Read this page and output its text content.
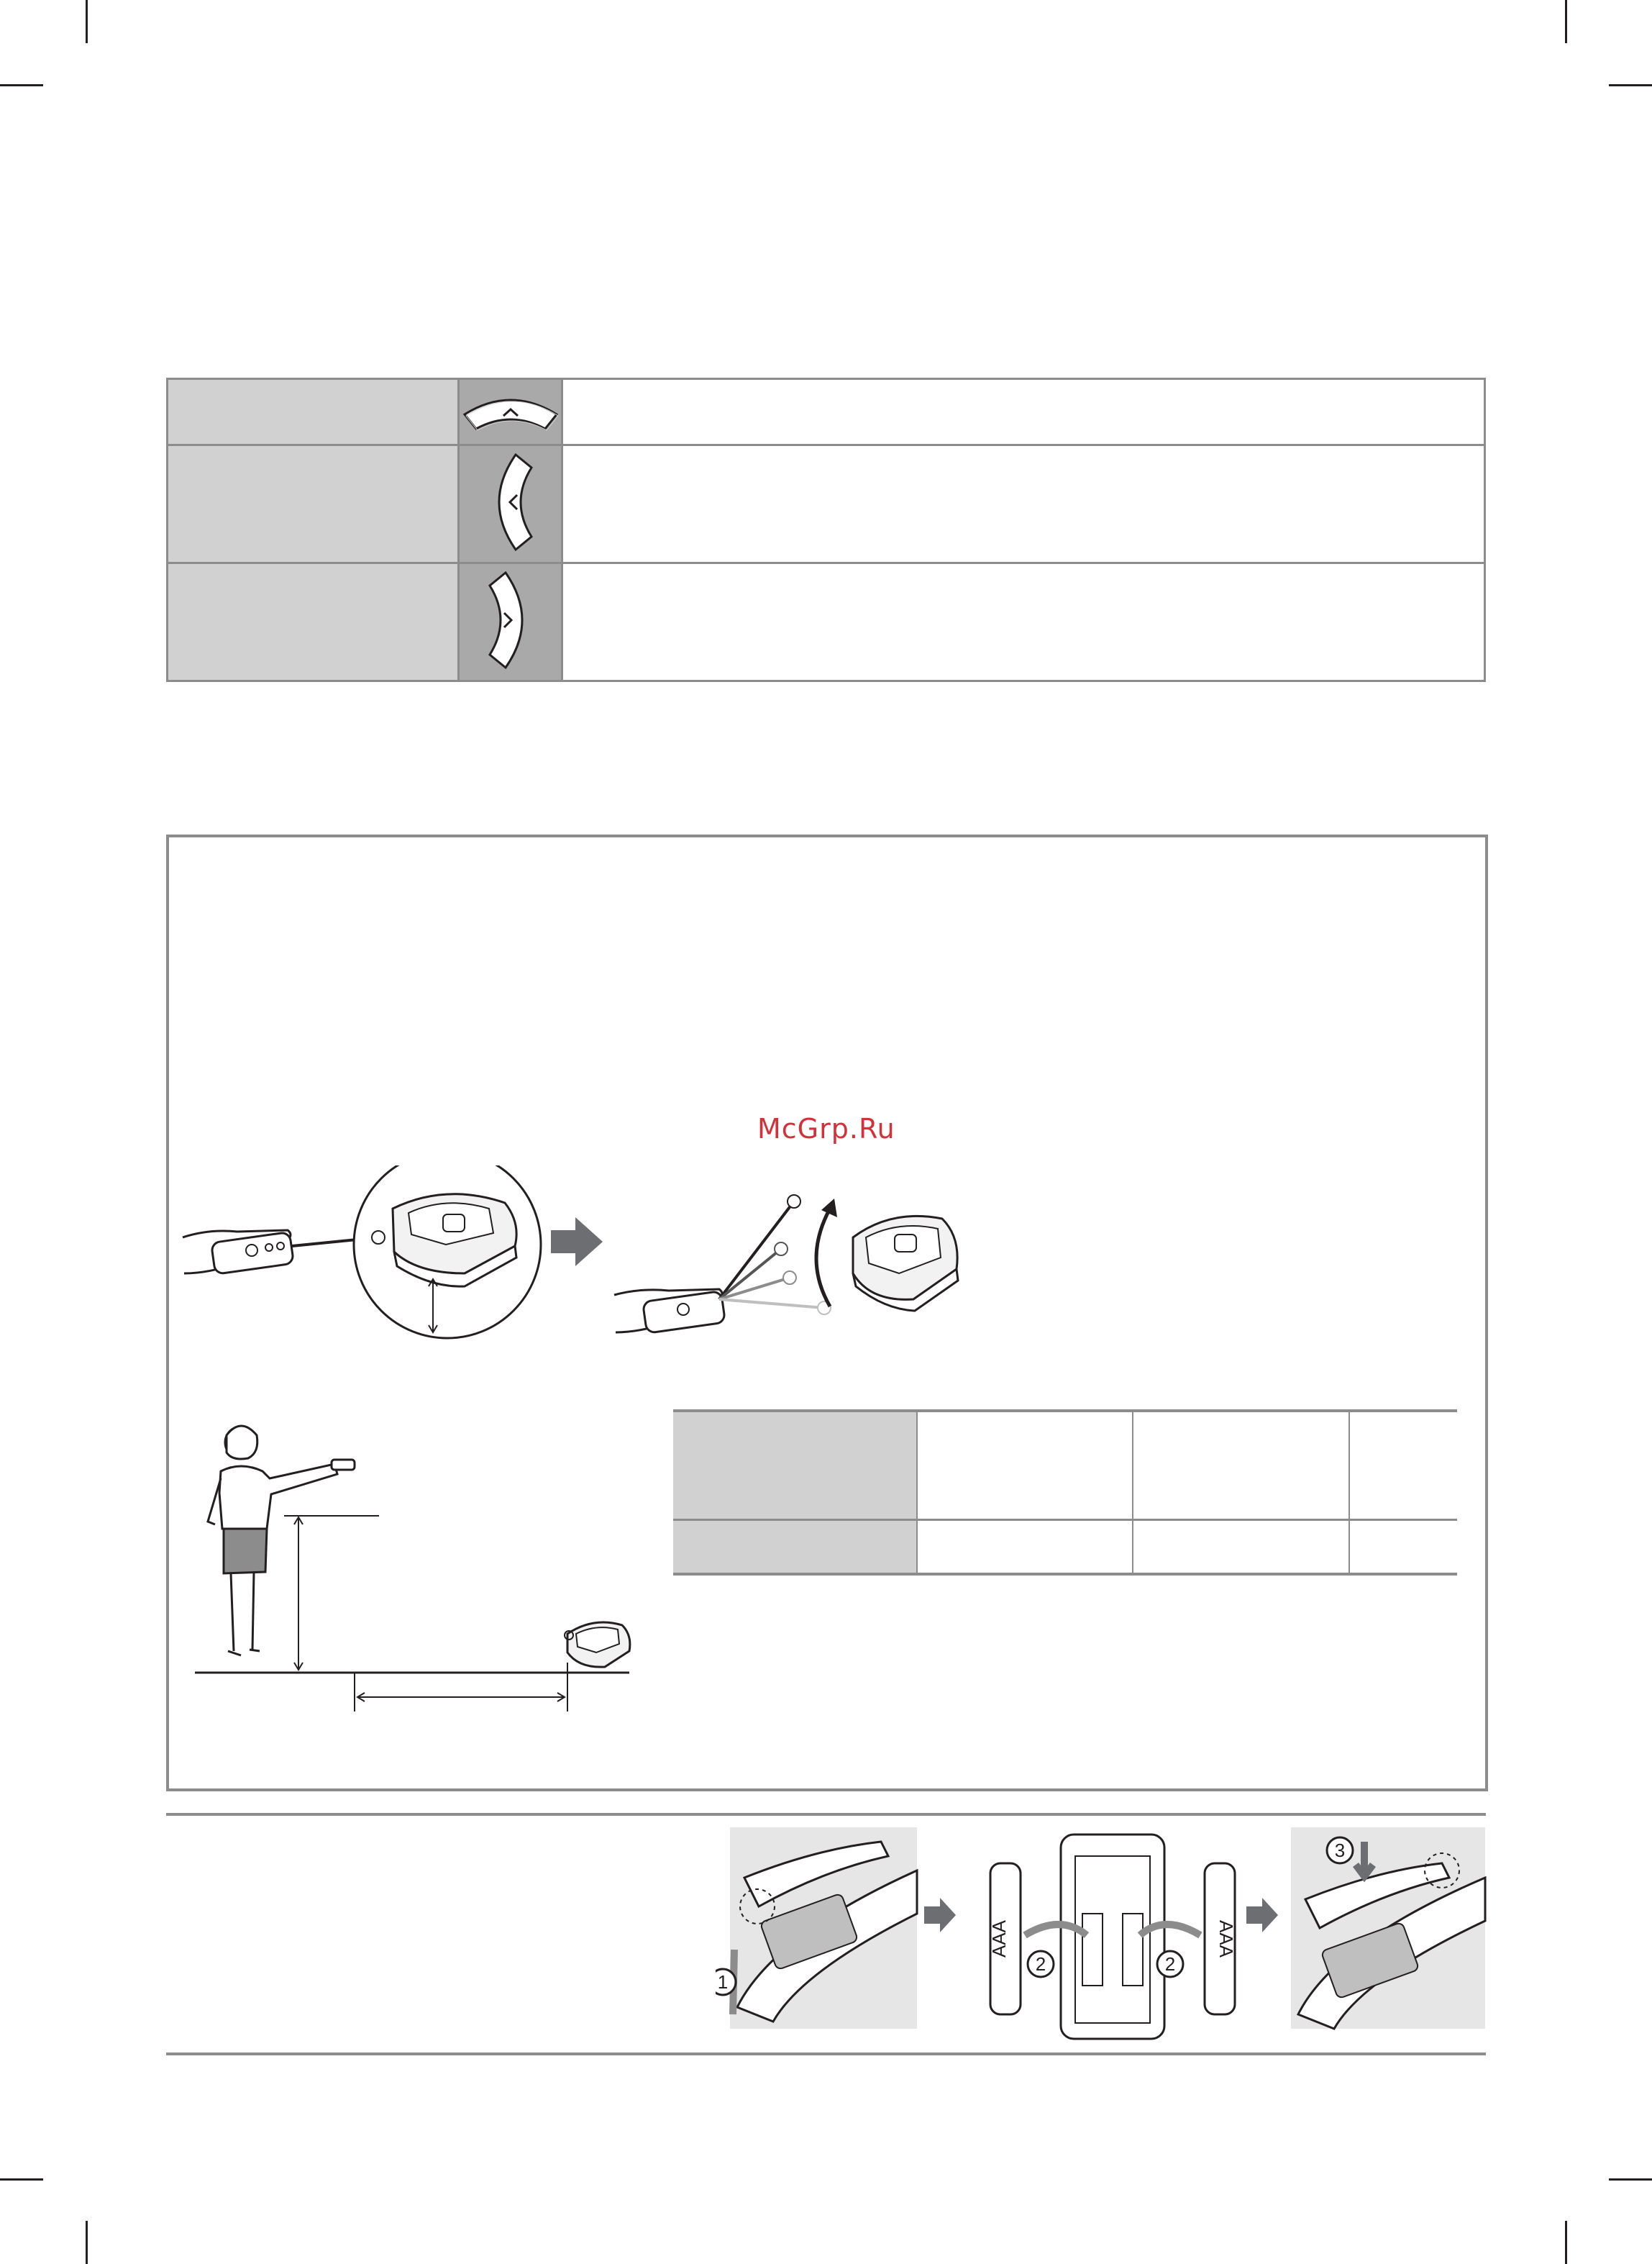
McGrp.Ru

1
AAA	AAA
2	2
3
